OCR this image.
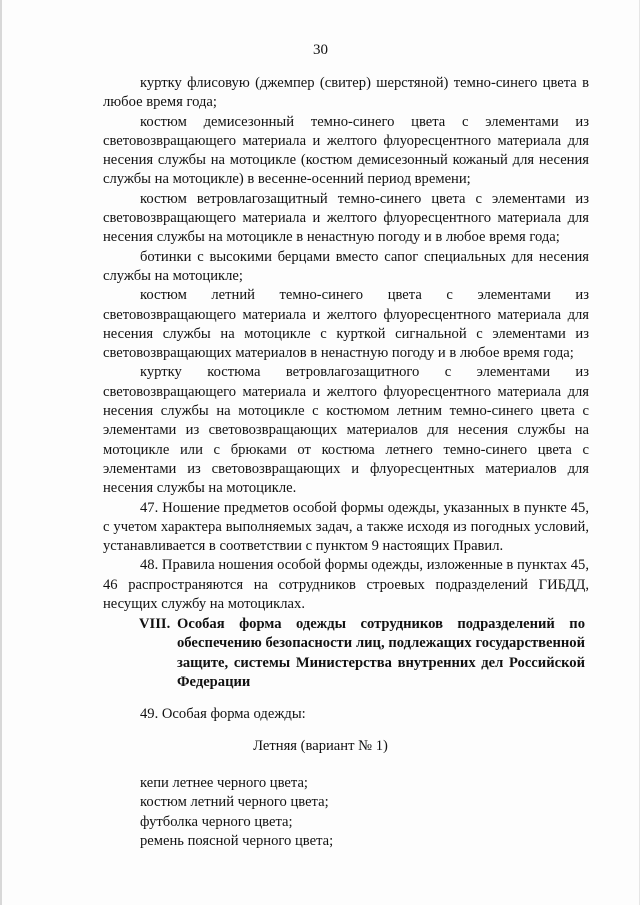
30

куртку флисовую (джемпер (свитер) шерстяной) темно-синего цвета в любое время года;

костюм демисезонный темно-синего цвета с элементами из световозвращающего материала и желтого флуоресцентного материала для несения службы на мотоцикле (костюм демисезонный кожаный для несения службы на мотоцикле) в весенне-осенний период времени;

костюм ветровлагозащитный темно-синего цвета с элементами из световозвращающего материала и желтого флуоресцентного материала для несения службы на мотоцикле в ненастную погоду и в любое время года;

ботинки с высокими берцами вместо сапог специальных для несения службы на мотоцикле;

костюм летний темно-синего цвета с элементами из световозвращающего материала и желтого флуоресцентного материала для несения службы на мотоцикле с курткой сигнальной с элементами из световозвращающих материалов в ненастную погоду и в любое время года;

куртку костюма ветровлагозащитного с элементами из световозвращающего материала и желтого флуоресцентного материала для несения службы на мотоцикле с костюмом летним темно-синего цвета с элементами из световозвращающих материалов для несения службы на мотоцикле или с брюками от костюма летнего темно-синего цвета с элементами из световозвращающих и флуоресцентных материалов для несения службы на мотоцикле.

47. Ношение предметов особой формы одежды, указанных в пункте 45, с учетом характера выполняемых задач, а также исходя из погодных условий, устанавливается в соответствии с пунктом 9 настоящих Правил.

48. Правила ношения особой формы одежды, изложенные в пунктах 45, 46 распространяются на сотрудников строевых подразделений ГИБДД, несущих службу на мотоциклах.

VIII. Особая форма одежды сотрудников подразделений по обеспечению безопасности лиц, подлежащих государственной защите, системы Министерства внутренних дел Российской Федерации
49. Особая форма одежды:
Летняя (вариант № 1)
кепи летнее черного цвета;
костюм летний черного цвета;
футболка черного цвета;
ремень поясной черного цвета;
